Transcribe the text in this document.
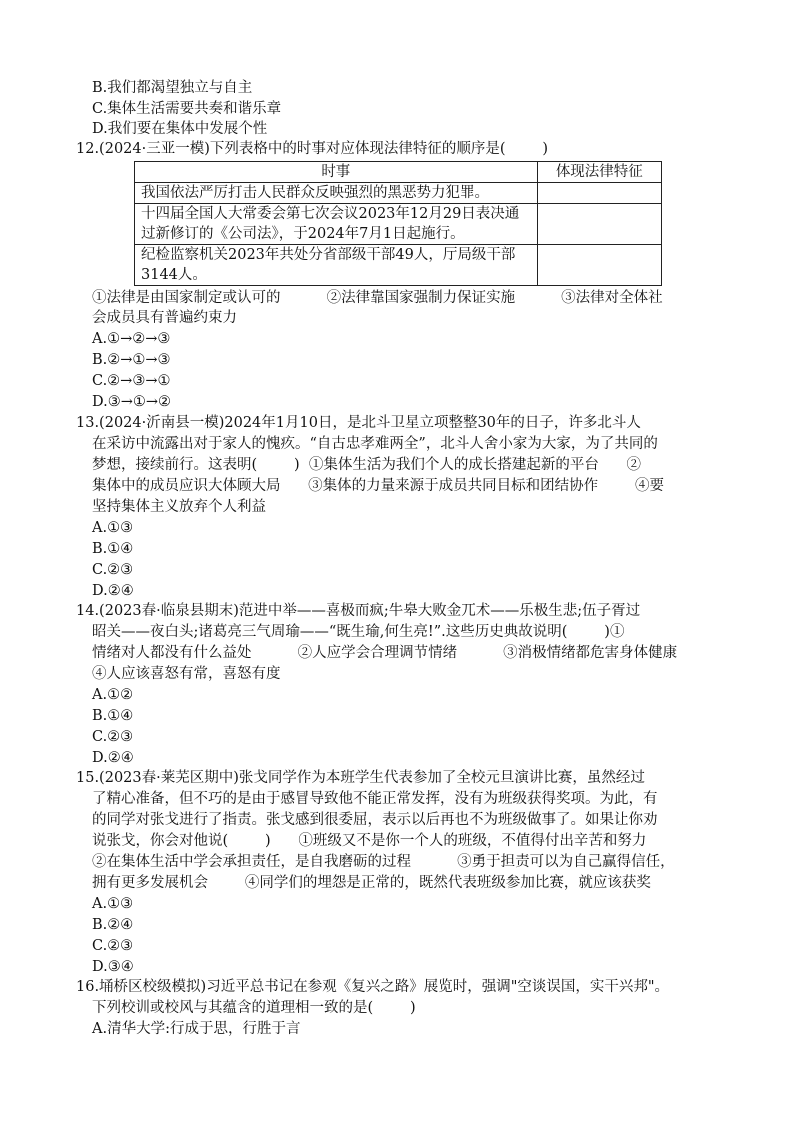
B.我们都渴望独立与自主
C.集体生活需要共奏和谐乐章
D.我们要在集体中发展个性
12.(2024·三亚一模)下列表格中的时事对应体现法律特征的顺序是(        )
时事	体现法律特征
我国依法严厉打击人民群众反映强烈的黑恶势力犯罪。	
十四届全国人大常委会第七次会议2023年12月29日表决通过新修订的《公司法》，于2024年7月1日起施行。	
纪检监察机关2023年共处分省部级干部49人，厅局级干部3144人。	
①法律是由国家制定或认可的          ②法律靠国家强制力保证实施          ③法律对全体社
会成员具有普遍约束力
A.①→②→③
B.②→①→③
C.②→③→①
D.③→①→②
13.(2024·沂南县一模)2024年1月10日，是北斗卫星立项整整30年的日子，许多北斗人
在采访中流露出对于家人的愧疚。“自古忠孝难两全”，北斗人舍小家为大家，为了共同的
梦想，接续前行。这表明(        )  ①集体生活为我们个人的成长搭建起新的平台      ②
集体中的成员应识大体顾大局      ③集体的力量来源于成员共同目标和团结协作        ④要
坚持集体主义放弃个人利益
A.①③
B.①④
C.②③
D.②④
14.(2023春·临泉县期末)范进中举——喜极而疯;牛皋大败金兀术——乐极生悲;伍子胥过
昭关——夜白头;诸葛亮三气周瑜——“既生瑜,何生亮!”.这些历史典故说明(        )①
情绪对人都没有什么益处          ②人应学会合理调节情绪          ③消极情绪都危害身体健康
④人应该喜怒有常，喜怒有度
A.①②
B.①④
C.②③
D.②④
15.(2023春·莱芜区期中)张戈同学作为本班学生代表参加了全校元旦演讲比赛，虽然经过
了精心准备，但不巧的是由于感冒导致他不能正常发挥，没有为班级获得奖项。为此，有
的同学对张戈进行了指责。张戈感到很委屈，表示以后再也不为班级做事了。如果让你劝
说张戈，你会对他说(        )      ①班级又不是你一个人的班级，不值得付出辛苦和努力
②在集体生活中学会承担责任，是自我磨砺的过程          ③勇于担责可以为自己赢得信任，
拥有更多发展机会        ④同学们的埋怨是正常的，既然代表班级参加比赛，就应该获奖
A.①③
B.②④
C.②③
D.③④
16.埇桥区校级模拟)习近平总书记在参观《复兴之路》展览时，强调"空谈误国，实干兴邦"。
下列校训或校风与其蕴含的道理相一致的是(        )
A.清华大学:行成于思，行胜于言
